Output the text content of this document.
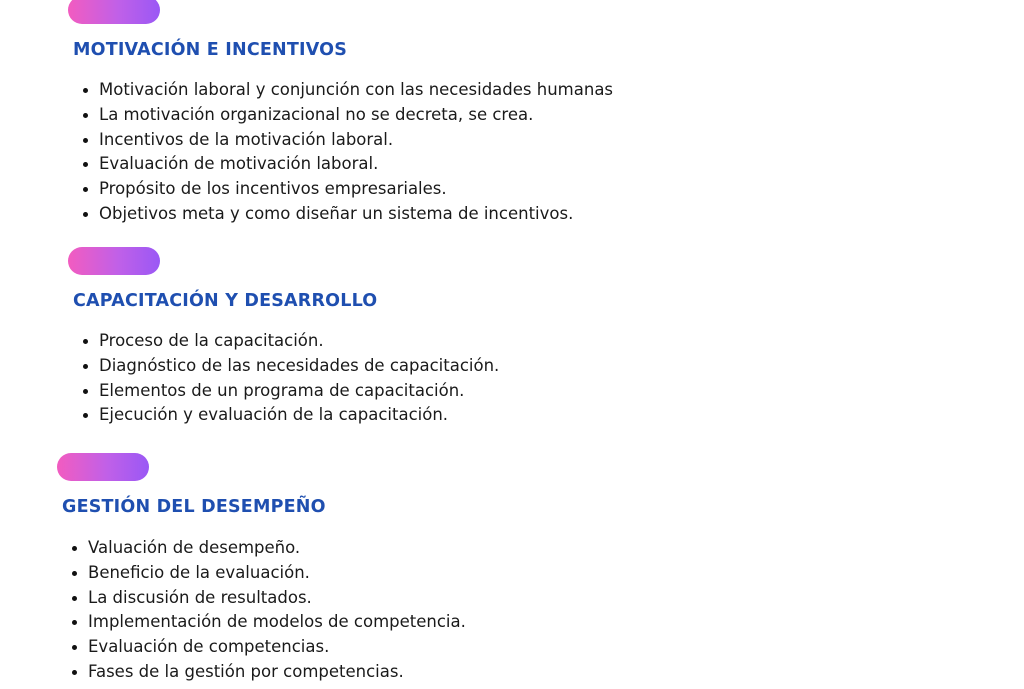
MOTIVACIÓN E INCENTIVOS
Motivación laboral y conjunción con las necesidades humanas
La motivación organizacional no se decreta, se crea.
Incentivos de la motivación laboral.
Evaluación de motivación laboral.
Propósito de los incentivos empresariales.
Objetivos meta y como diseñar un sistema de incentivos.
CAPACITACIÓN Y DESARROLLO
Proceso de la capacitación.
Diagnóstico de las necesidades de capacitación.
Elementos de un programa de capacitación.
Ejecución y evaluación de la capacitación.
GESTIÓN DEL DESEMPEÑO
Valuación de desempeño.
Beneficio de la evaluación.
La discusión de resultados.
Implementación de modelos de competencia.
Evaluación de competencias.
Fases de la gestión por competencias.
